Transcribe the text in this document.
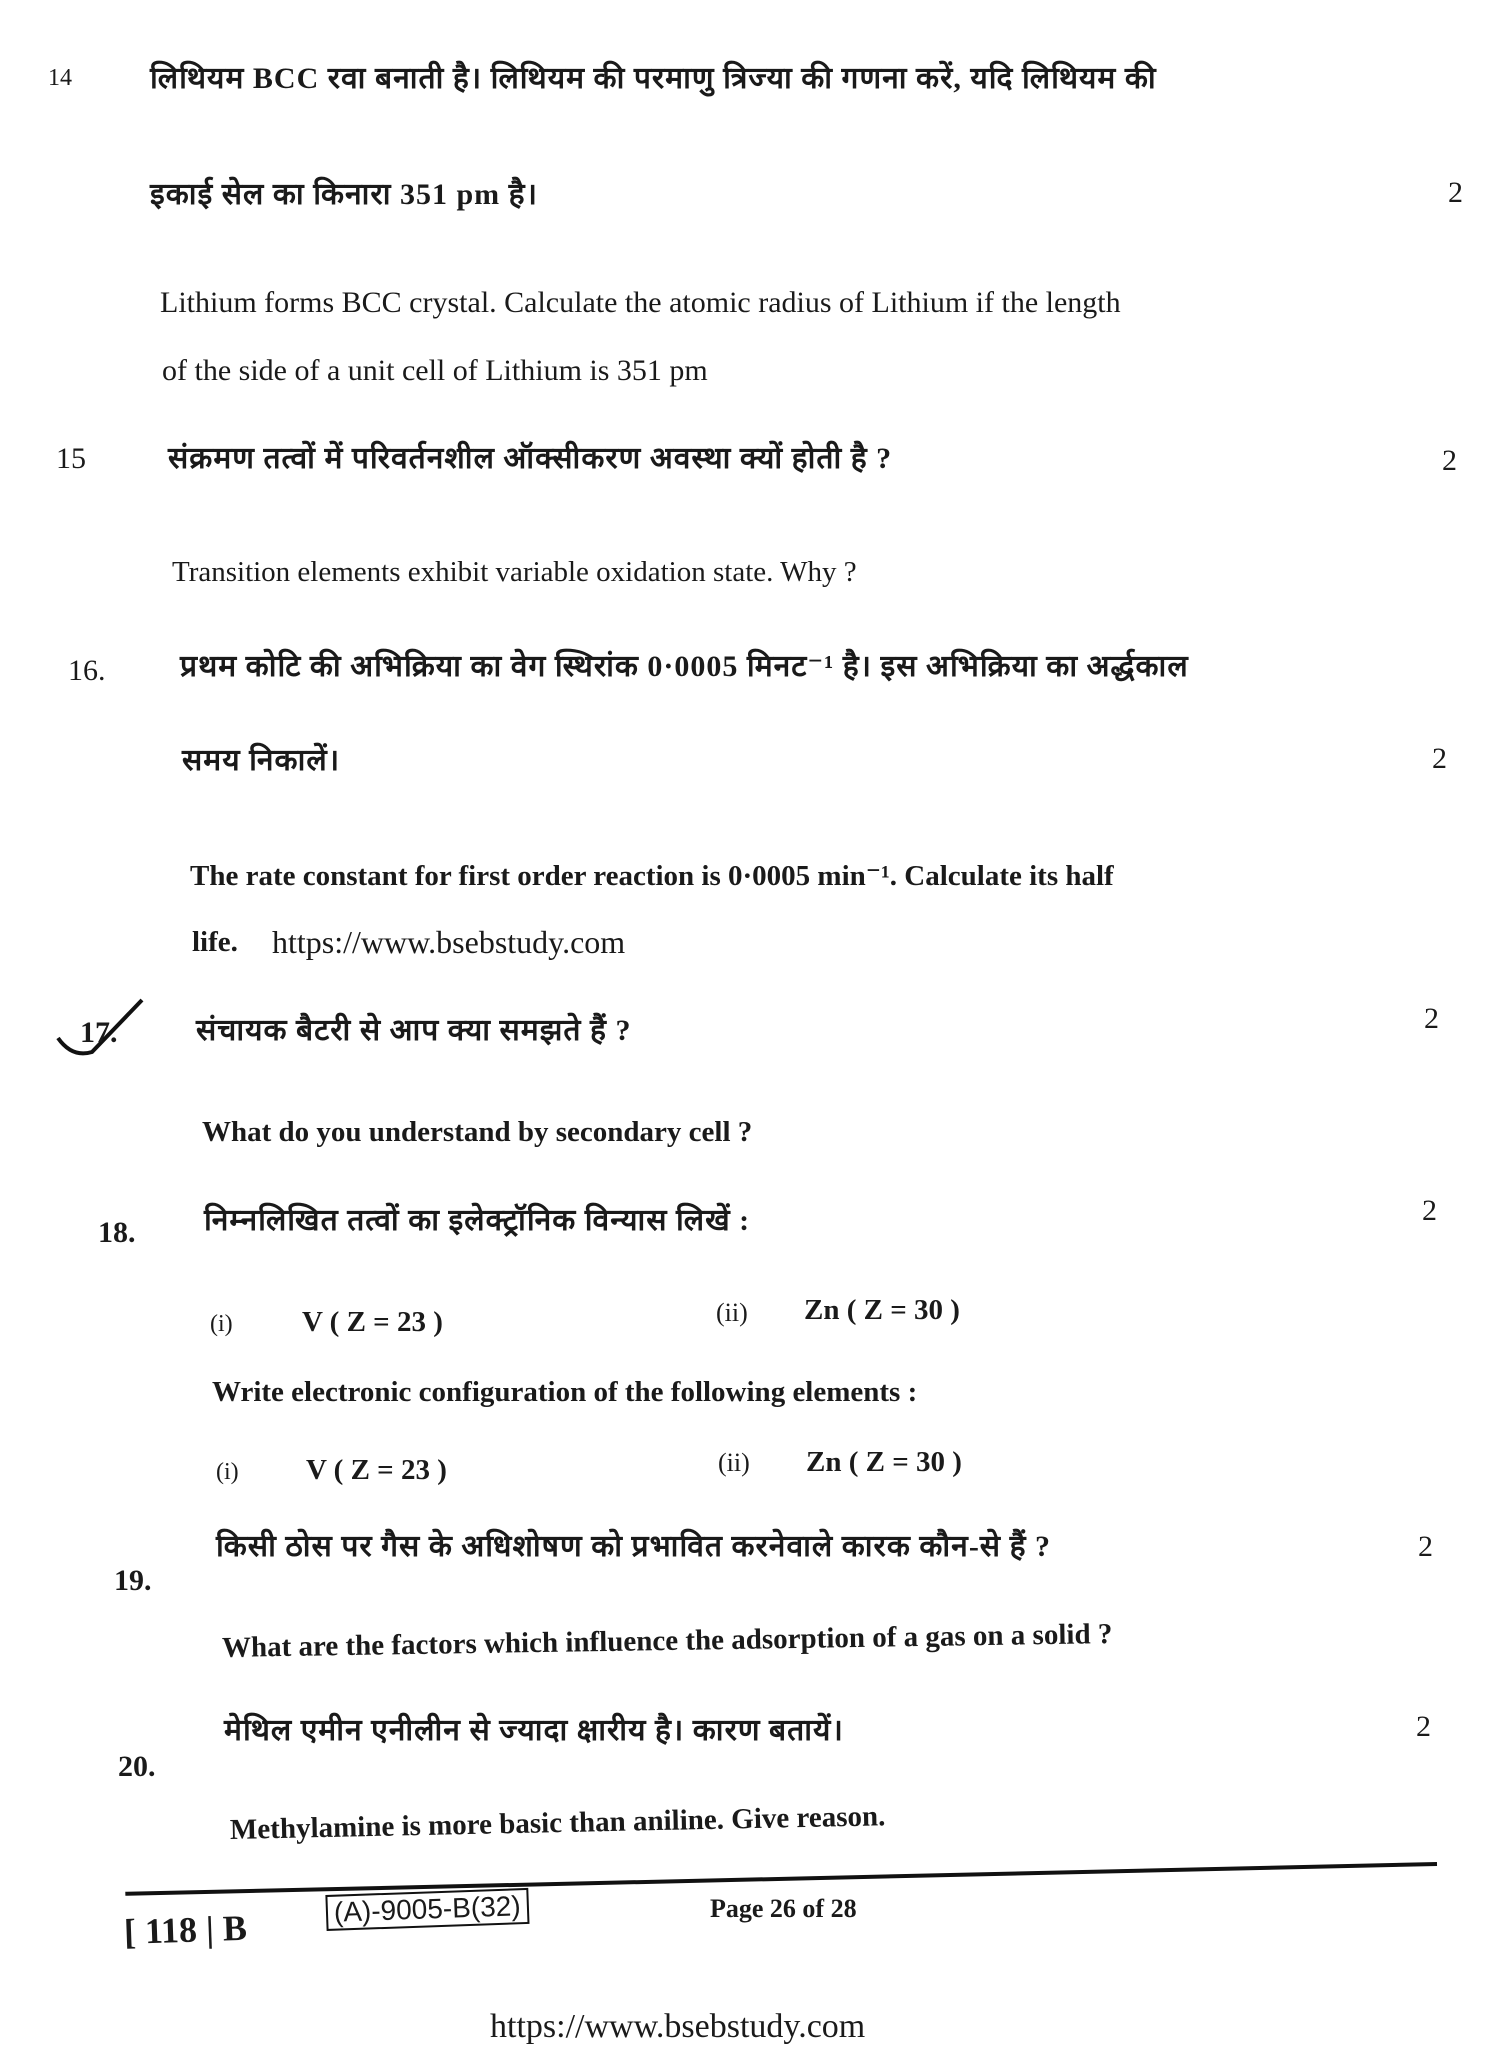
14	लिथियम BCC रवा बनाती है। लिथियम की परमाणु त्रिज्या की गणना करें, यदि लिथियम की
इकाई सेल का किनारा 351 pm है।	2
Lithium forms BCC crystal. Calculate the atomic radius of Lithium if the length
of the side of a unit cell of Lithium is 351 pm
15	संक्रमण तत्वों में परिवर्तनशील ऑक्सीकरण अवस्था क्यों होती है ?	2
Transition elements exhibit variable oxidation state. Why ?
16. प्रथम कोटि की अभिक्रिया का वेग स्थिरांक 0·0005 मिनट⁻¹ है। इस अभिक्रिया का अर्द्धकाल
समय निकालें।	2
The rate constant for first order reaction is 0·0005 min⁻¹. Calculate its half
life. https://www.bsebstudy.com
17.	संचायक बैटरी से आप क्या समझते हैं ?	2
What do you understand by secondary cell ?
18. निम्नलिखित तत्वों का इलेक्ट्रॉनिक विन्यास लिखें :	2
(i) V ( Z = 23 )	(ii) Zn ( Z = 30 )
Write electronic configuration of the following elements :
(i) V ( Z = 23 )	(ii) Zn ( Z = 30 )
19.
किसी ठोस पर गैस के अधिशोषण को प्रभावित करनेवाले कारक कौन-से हैं ?	2
What are the factors which influence the adsorption of a gas on a solid ?
20.
मेथिल एमीन एनीलीन से ज्यादा क्षारीय है। कारण बतायें।	2
Methylamine is more basic than aniline. Give reason.
[ 118 | B	(A)-9005-B(32)	Page 26 of 28
https://www.bsebstudy.com
